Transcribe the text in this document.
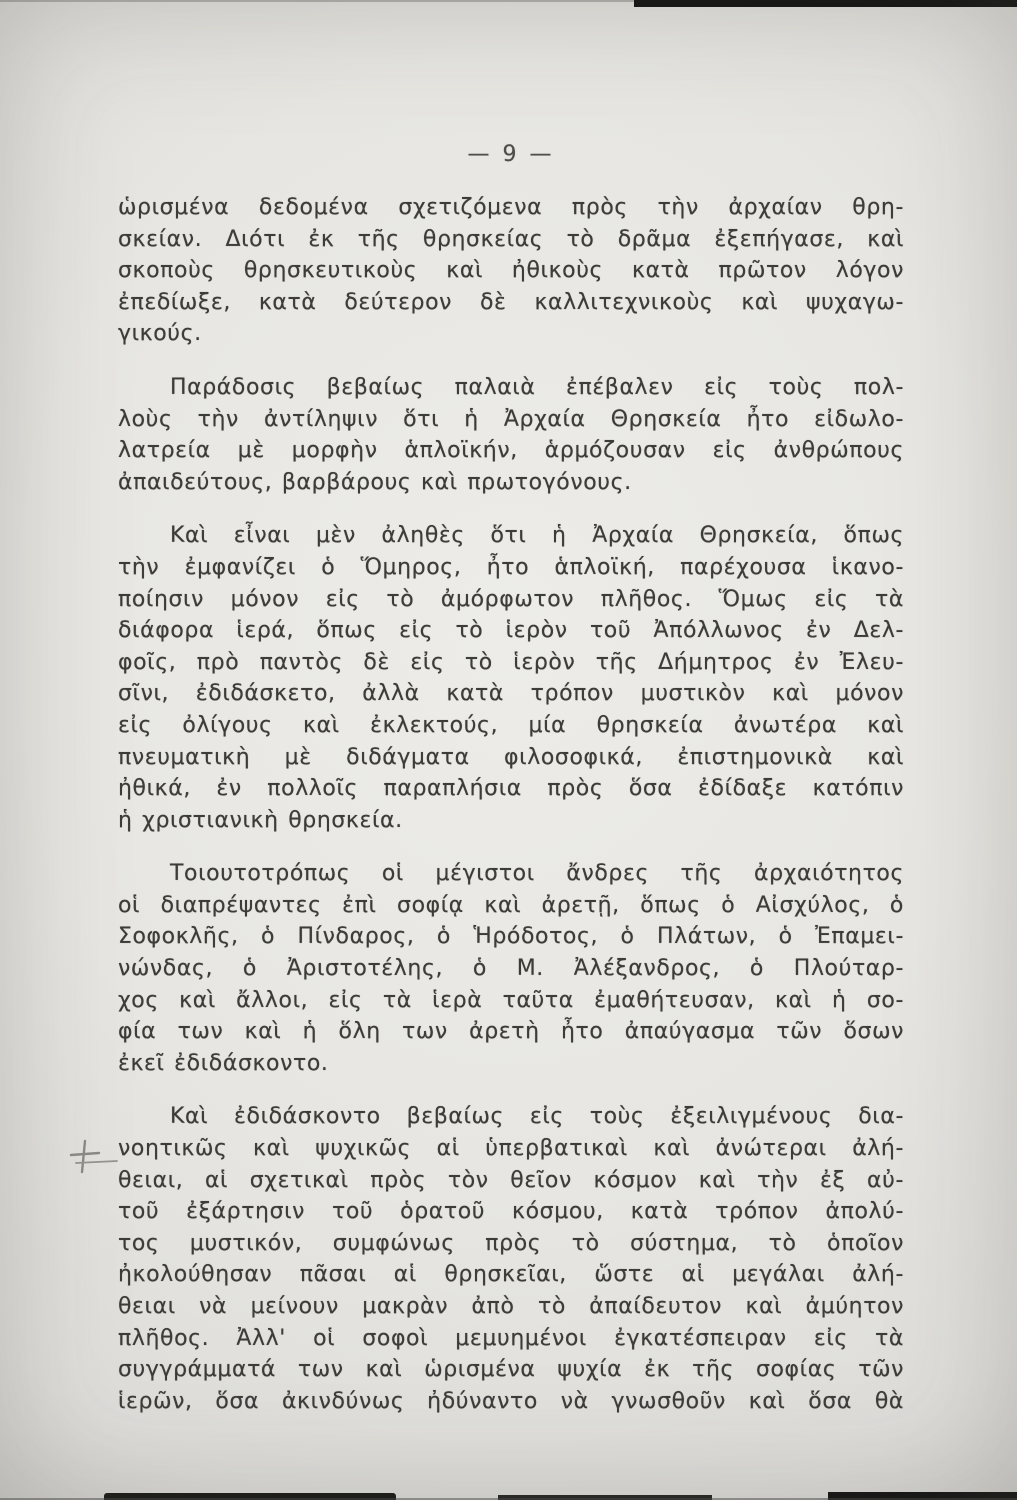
— 9 —

ὡρισμένα δεδομένα σχετιζόμενα πρὸς τὴν ἀρχαίαν θρη-
σκείαν. Διότι ἐκ τῆς θρησκείας τὸ δρᾶμα ἐξεπήγασε, καὶ
σκοποὺς θρησκευτικοὺς καὶ ἠθικοὺς κατὰ πρῶτον λόγον
ἐπεδίωξε, κατὰ δεύτερον δὲ καλλιτεχνικοὺς καὶ ψυχαγω-
γικούς.

Παράδοσις βεβαίως παλαιὰ ἐπέβαλεν εἰς τοὺς πολ-
λοὺς τὴν ἀντίληψιν ὅτι ἡ Ἀρχαία Θρησκεία ἦτο εἰδωλο-
λατρεία μὲ μορφὴν ἁπλοϊκήν, ἁρμόζουσαν εἰς ἀνθρώπους
ἀπαιδεύτους, βαρβάρους καὶ πρωτογόνους.

Καὶ εἶναι μὲν ἀληθὲς ὅτι ἡ Ἀρχαία Θρησκεία, ὅπως
τὴν ἐμφανίζει ὁ Ὅμηρος, ἦτο ἁπλοϊκή, παρέχουσα ἱκανο-
ποίησιν μόνον εἰς τὸ ἀμόρφωτον πλῆθος. Ὅμως εἰς τὰ
διάφορα ἱερά, ὅπως εἰς τὸ ἱερὸν τοῦ Ἀπόλλωνος ἐν Δελ-
φοῖς, πρὸ παντὸς δὲ εἰς τὸ ἱερὸν τῆς Δήμητρος ἐν Ἐλευ-
σῖνι, ἐδιδάσκετο, ἀλλὰ κατὰ τρόπον μυστικὸν καὶ μόνον
εἰς ὀλίγους καὶ ἐκλεκτούς, μία θρησκεία ἀνωτέρα καὶ
πνευματικὴ μὲ διδάγματα φιλοσοφικά, ἐπιστημονικὰ καὶ
ἠθικά, ἐν πολλοῖς παραπλήσια πρὸς ὅσα ἐδίδαξε κατόπιν
ἡ χριστιανικὴ θρησκεία.

Τοιουτοτρόπως οἱ μέγιστοι ἄνδρες τῆς ἀρχαιότητος
οἱ διαπρέψαντες ἐπὶ σοφίᾳ καὶ ἀρετῇ, ὅπως ὁ Αἰσχύλος, ὁ
Σοφοκλῆς, ὁ Πίνδαρος, ὁ Ἡρόδοτος, ὁ Πλάτων, ὁ Ἐπαμει-
νώνδας, ὁ Ἀριστοτέλης, ὁ Μ. Ἀλέξανδρος, ὁ Πλούταρ-
χος καὶ ἄλλοι, εἰς τὰ ἱερὰ ταῦτα ἐμαθήτευσαν, καὶ ἡ σο-
φία των καὶ ἡ ὅλη των ἀρετὴ ἦτο ἀπαύγασμα τῶν ὅσων
ἐκεῖ ἐδιδάσκοντο.

Καὶ ἐδιδάσκοντο βεβαίως εἰς τοὺς ἐξειλιγμένους δια-
νοητικῶς καὶ ψυχικῶς αἱ ὑπερβατικαὶ καὶ ἀνώτεραι ἀλή-
θειαι, αἱ σχετικαὶ πρὸς τὸν θεῖον κόσμον καὶ τὴν ἐξ αὐ-
τοῦ ἐξάρτησιν τοῦ ὁρατοῦ κόσμου, κατὰ τρόπον ἀπολύ-
τος μυστικόν, συμφώνως πρὸς τὸ σύστημα, τὸ ὁποῖον
ἠκολούθησαν πᾶσαι αἱ θρησκεῖαι, ὥστε αἱ μεγάλαι ἀλή-
θειαι νὰ μείνουν μακρὰν ἀπὸ τὸ ἀπαίδευτον καὶ ἀμύητον
πλῆθος. Ἀλλ' οἱ σοφοὶ μεμυημένοι ἐγκατέσπειραν εἰς τὰ
συγγράμματά των καὶ ὡρισμένα ψυχία ἐκ τῆς σοφίας τῶν
ἱερῶν, ὅσα ἀκινδύνως ἠδύναντο νὰ γνωσθοῦν καὶ ὅσα θὰ
